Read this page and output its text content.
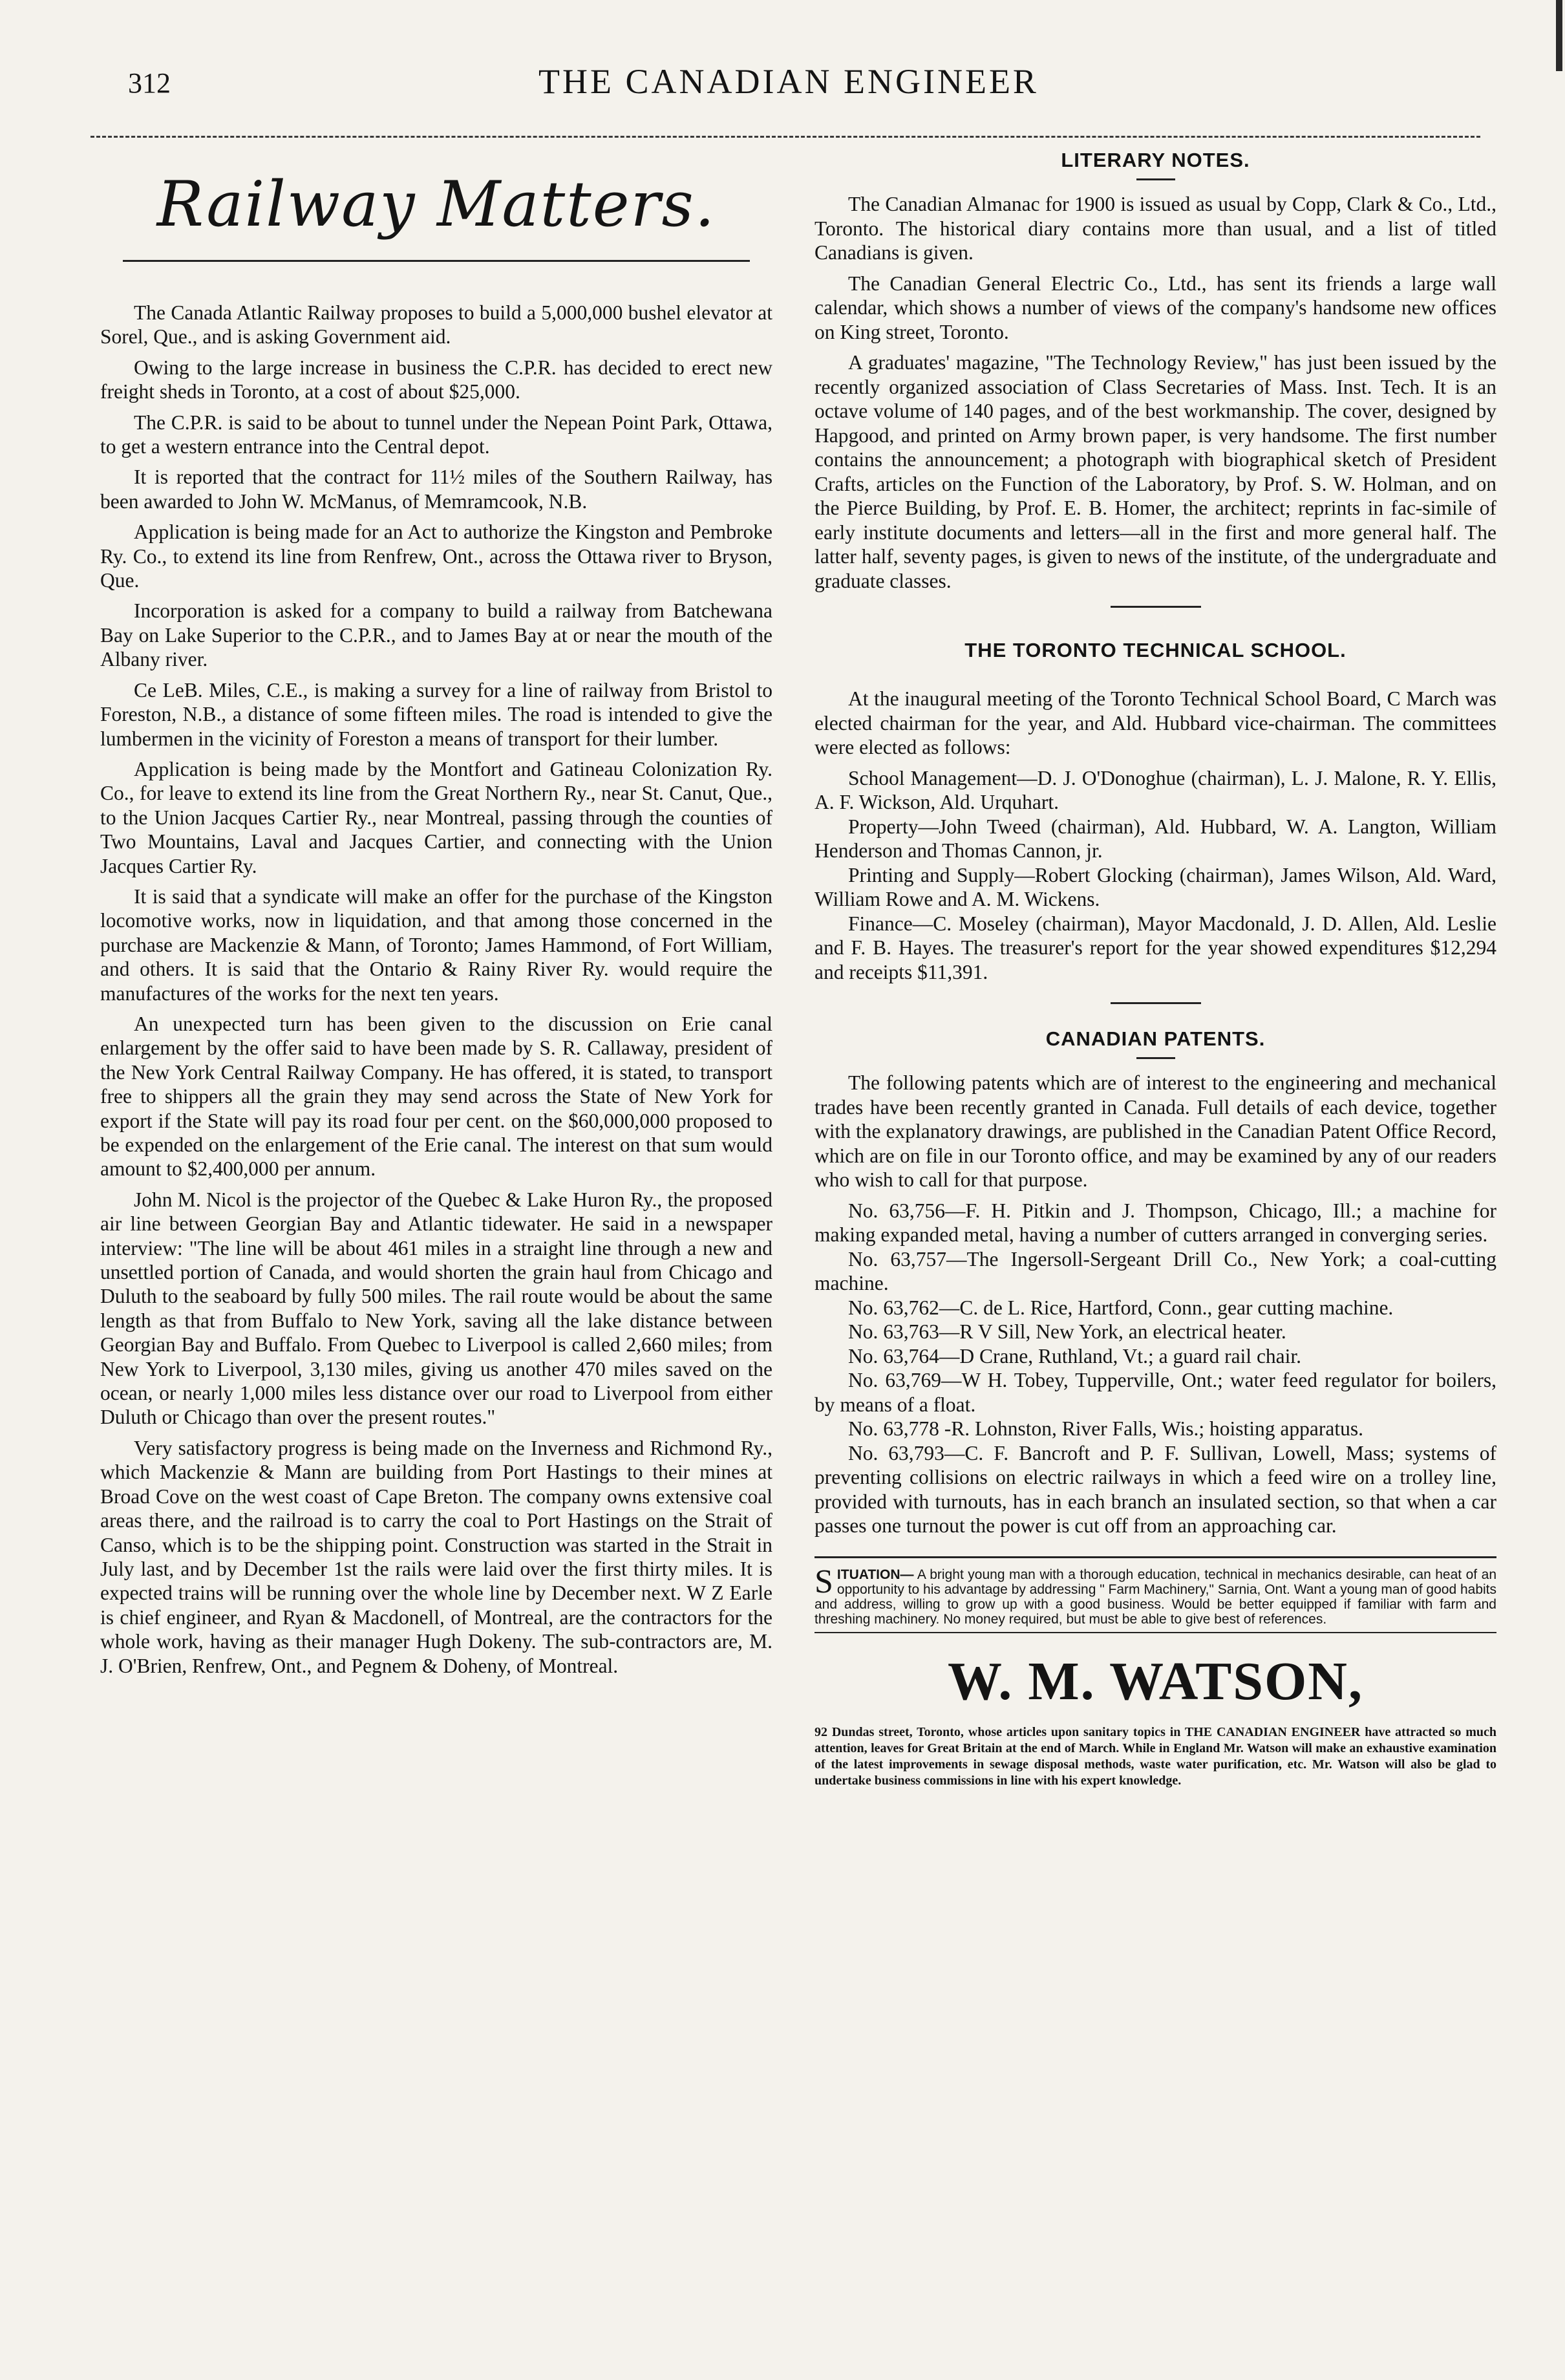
312	THE CANADIAN ENGINEER
Railway Matters.

The Canada Atlantic Railway proposes to build a 5,000,000 bushel elevator at Sorel, Que., and is asking Government aid.

Owing to the large increase in business the C.P.R. has decided to erect new freight sheds in Toronto, at a cost of about $25,000.

The C.P.R. is said to be about to tunnel under the Nepean Point Park, Ottawa, to get a western entrance into the Central depot.

It is reported that the contract for 11½ miles of the Southern Railway, has been awarded to John W. McManus, of Memramcook, N.B.

Application is being made for an Act to authorize the Kingston and Pembroke Ry. Co., to extend its line from Renfrew, Ont., across the Ottawa river to Bryson, Que.

Incorporation is asked for a company to build a railway from Batchewana Bay on Lake Superior to the C.P.R., and to James Bay at or near the mouth of the Albany river.

Ce LeB. Miles, C.E., is making a survey for a line of railway from Bristol to Foreston, N.B., a distance of some fifteen miles. The road is intended to give the lumbermen in the vicinity of Foreston a means of transport for their lumber.

Application is being made by the Montfort and Gatineau Colonization Ry. Co., for leave to extend its line from the Great Northern Ry., near St. Canut, Que., to the Union Jacques Cartier Ry., near Montreal, passing through the counties of Two Mountains, Laval and Jacques Cartier, and connecting with the Union Jacques Cartier Ry.

It is said that a syndicate will make an offer for the purchase of the Kingston locomotive works, now in liquidation, and that among those concerned in the purchase are Mackenzie & Mann, of Toronto; James Hammond, of Fort William, and others. It is said that the Ontario & Rainy River Ry. would require the manufactures of the works for the next ten years.

An unexpected turn has been given to the discussion on Erie canal enlargement by the offer said to have been made by S. R. Callaway, president of the New York Central Railway Company. He has offered, it is stated, to transport free to shippers all the grain they may send across the State of New York for export if the State will pay its road four per cent. on the $60,000,000 proposed to be expended on the enlargement of the Erie canal. The interest on that sum would amount to $2,400,000 per annum.

John M. Nicol is the projector of the Quebec & Lake Huron Ry., the proposed air line between Georgian Bay and Atlantic tidewater. He said in a newspaper interview: "The line will be about 461 miles in a straight line through a new and unsettled portion of Canada, and would shorten the grain haul from Chicago and Duluth to the seaboard by fully 500 miles. The rail route would be about the same length as that from Buffalo to New York, saving all the lake distance between Georgian Bay and Buffalo. From Quebec to Liverpool is called 2,660 miles; from New York to Liverpool, 3,130 miles, giving us another 470 miles saved on the ocean, or nearly 1,000 miles less distance over our road to Liverpool from either Duluth or Chicago than over the present routes."

Very satisfactory progress is being made on the Inverness and Richmond Ry., which Mackenzie & Mann are building from Port Hastings to their mines at Broad Cove on the west coast of Cape Breton. The company owns extensive coal areas there, and the railroad is to carry the coal to Port Hastings on the Strait of Canso, which is to be the shipping point. Construction was started in the Strait in July last, and by December 1st the rails were laid over the first thirty miles. It is expected trains will be running over the whole line by December next. W Z Earle is chief engineer, and Ryan & Macdonell, of Montreal, are the contractors for the whole work, having as their manager Hugh Dokeny. The sub-contractors are, M. J. O'Brien, Renfrew, Ont., and Pegnem & Doheny, of Montreal.

LITERARY NOTES.

The Canadian Almanac for 1900 is issued as usual by Copp, Clark & Co., Ltd., Toronto. The historical diary contains more than usual, and a list of titled Canadians is given.

The Canadian General Electric Co., Ltd., has sent its friends a large wall calendar, which shows a number of views of the company's handsome new offices on King street, Toronto.

A graduates' magazine, "The Technology Review," has just been issued by the recently organized association of Class Secretaries of Mass. Inst. Tech. It is an octave volume of 140 pages, and of the best workmanship. The cover, designed by Hapgood, and printed on Army brown paper, is very handsome. The first number contains the announcement; a photograph with biographical sketch of President Crafts, articles on the Function of the Laboratory, by Prof. S. W. Holman, and on the Pierce Building, by Prof. E. B. Homer, the architect; reprints in fac-simile of early institute documents and letters—all in the first and more general half. The latter half, seventy pages, is given to news of the institute, of the undergraduate and graduate classes.

THE TORONTO TECHNICAL SCHOOL.

At the inaugural meeting of the Toronto Technical School Board, C March was elected chairman for the year, and Ald. Hubbard vice-chairman. The committees were elected as follows:

School Management—D. J. O'Donoghue (chairman), L. J. Malone, R. Y. Ellis, A. F. Wickson, Ald. Urquhart.

Property—John Tweed (chairman), Ald. Hubbard, W. A. Langton, William Henderson and Thomas Cannon, jr.

Printing and Supply—Robert Glocking (chairman), James Wilson, Ald. Ward, William Rowe and A. M. Wickens.

Finance—C. Moseley (chairman), Mayor Macdonald, J. D. Allen, Ald. Leslie and F. B. Hayes. The treasurer's report for the year showed expenditures $12,294 and receipts $11,391.

CANADIAN PATENTS.

The following patents which are of interest to the engineering and mechanical trades have been recently granted in Canada. Full details of each device, together with the explanatory drawings, are published in the Canadian Patent Office Record, which are on file in our Toronto office, and may be examined by any of our readers who wish to call for that purpose.

No. 63,756—F. H. Pitkin and J. Thompson, Chicago, Ill.; a machine for making expanded metal, having a number of cutters arranged in converging series.

No. 63,757—The Ingersoll-Sergeant Drill Co., New York; a coal-cutting machine.

No. 63,762—C. de L. Rice, Hartford, Conn., gear cutting machine.

No. 63,763—R V Sill, New York, an electrical heater.

No. 63,764—D Crane, Ruthland, Vt.; a guard rail chair.

No. 63,769—W H. Tobey, Tupperville, Ont.; water feed regulator for boilers, by means of a float.

No. 63,778 -R. Lohnston, River Falls, Wis.; hoisting apparatus.

No. 63,793—C. F. Bancroft and P. F. Sullivan, Lowell, Mass; systems of preventing collisions on electric railways in which a feed wire on a trolley line, provided with turnouts, has in each branch an insulated section, so that when a car passes one turnout the power is cut off from an approaching car.

S ITUATION— A bright young man with a thorough education, technical in mechanics desirable, can heat of an opportunity to his advantage by addressing " Farm Machinery," Sarnia, Ont. Want a young man of good habits and address, willing to grow up with a good business. Would be better equipped if familiar with farm and threshing machinery. No money required, but must be able to give best of references.
W. M. WATSON,
92 Dundas street, Toronto, whose articles upon sanitary topics in THE CANADIAN ENGINEER have attracted so much attention, leaves for Great Britain at the end of March. While in England Mr. Watson will make an exhaustive examination of the latest improvements in sewage disposal methods, waste water purification, etc. Mr. Watson will also be glad to undertake business commissions in line with his expert knowledge.
